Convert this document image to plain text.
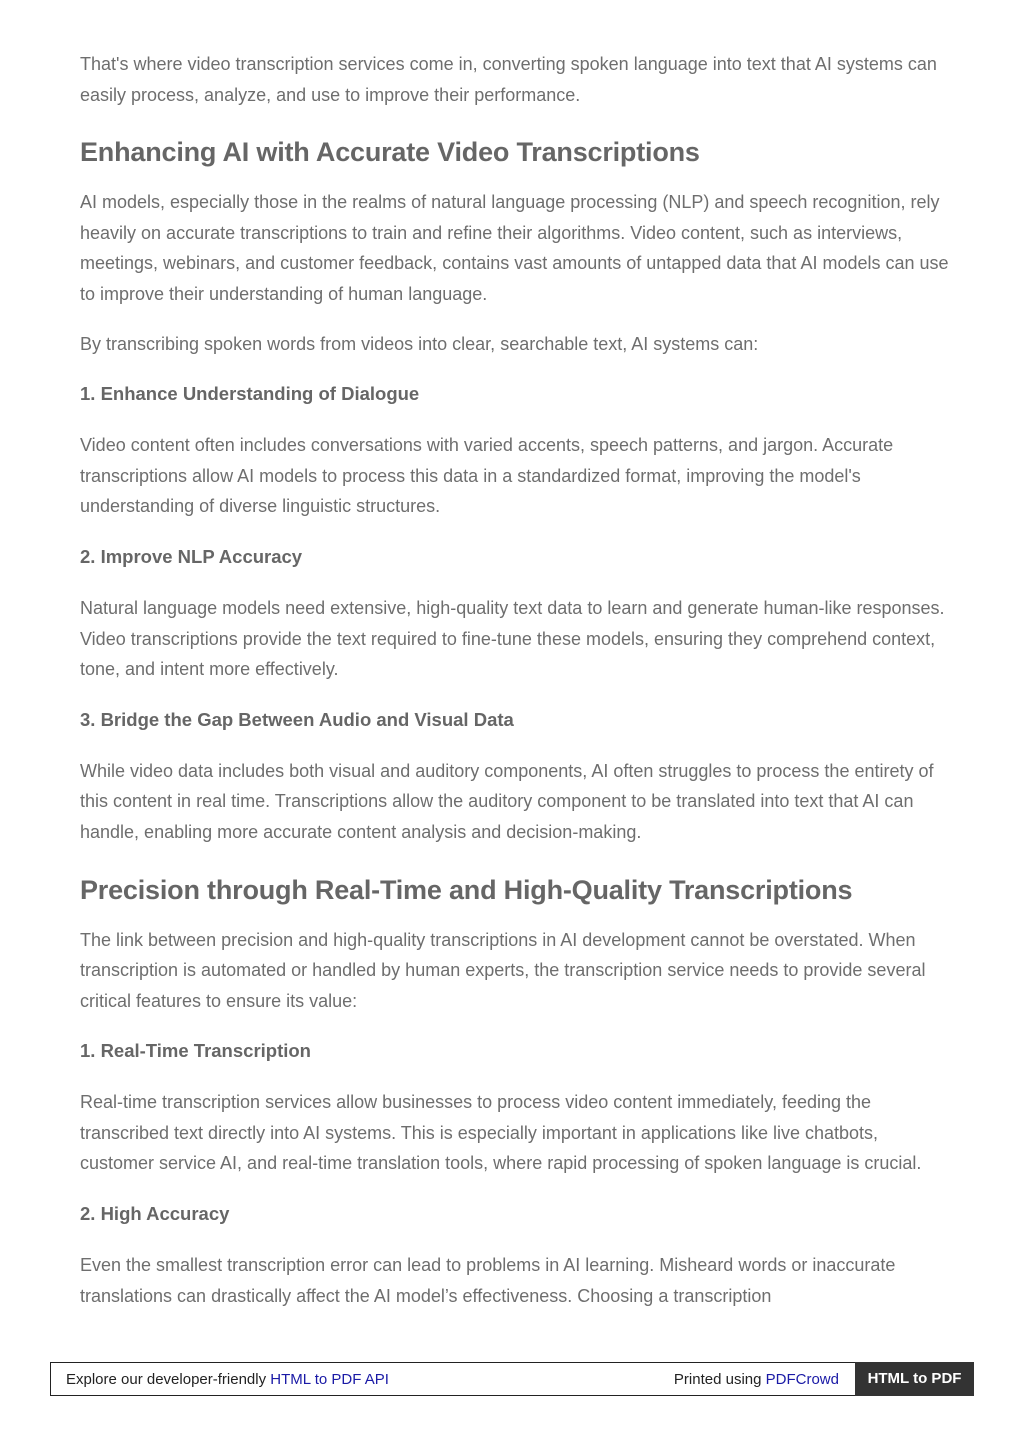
That's where video transcription services come in, converting spoken language into text that AI systems can easily process, analyze, and use to improve their performance.

Enhancing AI with Accurate Video Transcriptions

AI models, especially those in the realms of natural language processing (NLP) and speech recognition, rely heavily on accurate transcriptions to train and refine their algorithms. Video content, such as interviews, meetings, webinars, and customer feedback, contains vast amounts of untapped data that AI models can use to improve their understanding of human language.

By transcribing spoken words from videos into clear, searchable text, AI systems can:

1. Enhance Understanding of Dialogue

Video content often includes conversations with varied accents, speech patterns, and jargon. Accurate transcriptions allow AI models to process this data in a standardized format, improving the model's understanding of diverse linguistic structures.

2. Improve NLP Accuracy

Natural language models need extensive, high-quality text data to learn and generate human-like responses. Video transcriptions provide the text required to fine-tune these models, ensuring they comprehend context, tone, and intent more effectively.

3. Bridge the Gap Between Audio and Visual Data

While video data includes both visual and auditory components, AI often struggles to process the entirety of this content in real time. Transcriptions allow the auditory component to be translated into text that AI can handle, enabling more accurate content analysis and decision-making.

Precision through Real-Time and High-Quality Transcriptions

The link between precision and high-quality transcriptions in AI development cannot be overstated. When transcription is automated or handled by human experts, the transcription service needs to provide several critical features to ensure its value:

1. Real-Time Transcription

Real-time transcription services allow businesses to process video content immediately, feeding the transcribed text directly into AI systems. This is especially important in applications like live chatbots, customer service AI, and real-time translation tools, where rapid processing of spoken language is crucial.

2. High Accuracy

Even the smallest transcription error can lead to problems in AI learning. Misheard words or inaccurate translations can drastically affect the AI model’s effectiveness. Choosing a transcription

Explore our developer-friendly HTML to PDF API	Printed using PDFCrowd	HTML to PDF
